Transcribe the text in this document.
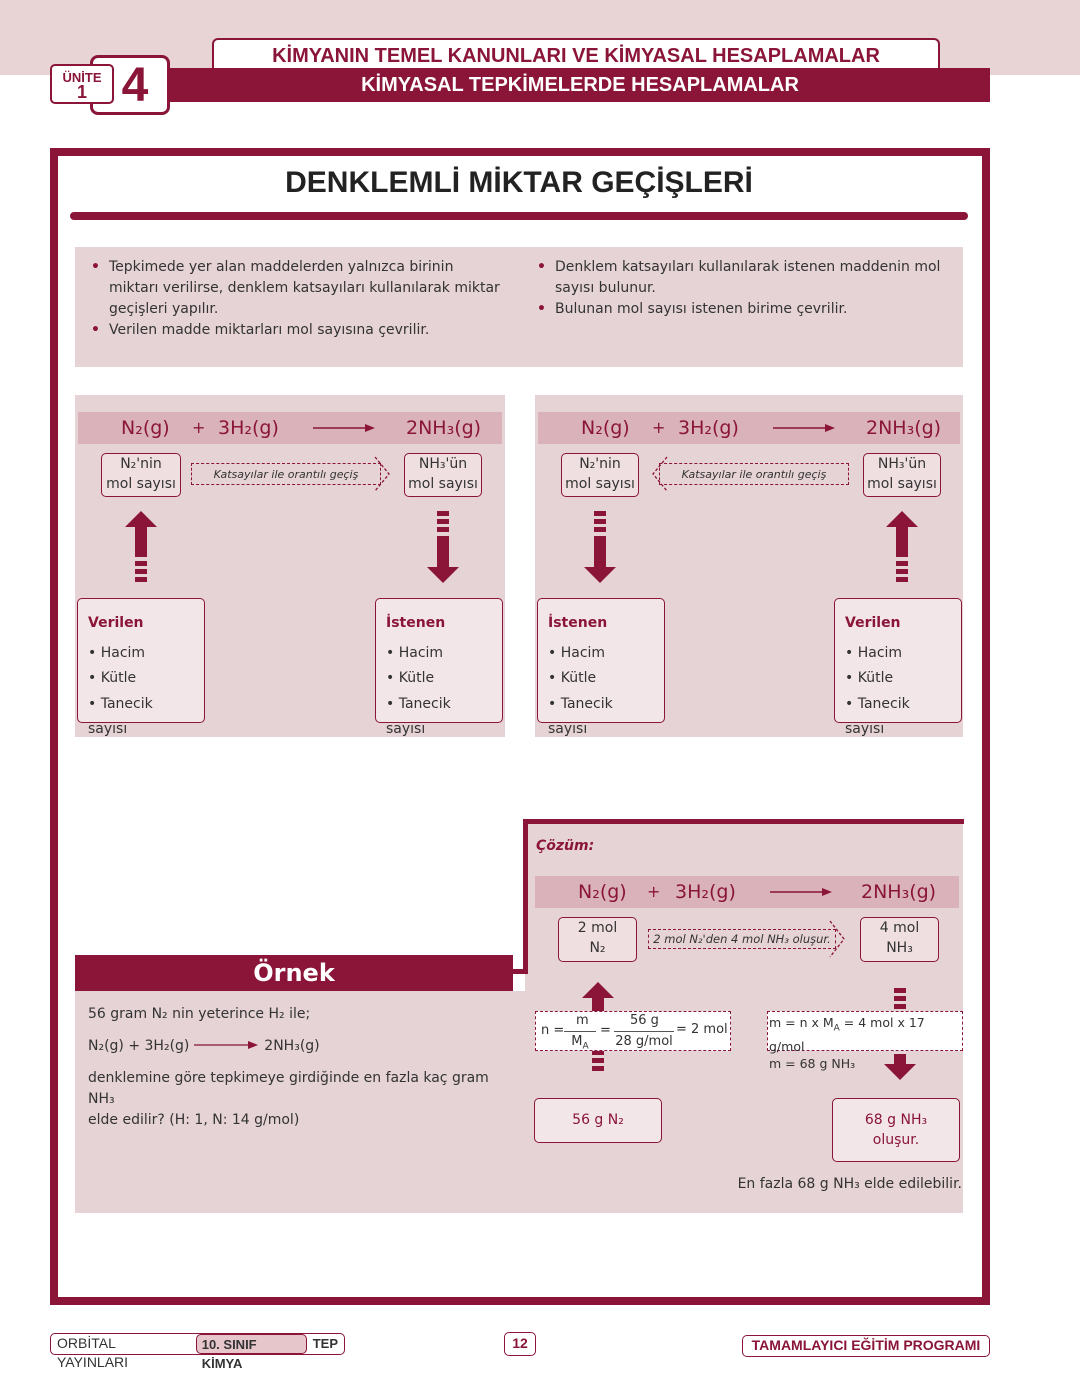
KİMYANIN TEMEL KANUNLARI VE KİMYASAL HESAPLAMALAR
KİMYASAL TEPKİMELERDE HESAPLAMALAR
4
ÜNİTE
1
DENKLEMLİ MİKTAR GEÇİŞLERİ
• Tepkimede yer alan maddelerden yalnızca birinin miktarı verilirse, denklem katsayıları kullanılarak miktar geçişleri yapılır.
• Verilen madde miktarları mol sayısına çevrilir.
• Denklem katsayıları kullanılarak istenen maddenin mol sayısı bulunur.
• Bulunan mol sayısı istenen birime çevrilir.
N₂(g) + 3H₂(g)	2NH₃(g)
N₂'nin
mol sayısı
Katsayılar ile orantılı geçiş
NH₃'ün
mol sayısı
Verilen
• Hacim
• Kütle
• Tanecik sayısı
İstenen
• Hacim
• Kütle
• Tanecik sayısı
N₂(g) + 3H₂(g)	2NH₃(g)
N₂'nin
mol sayısı
Katsayılar ile orantılı geçiş
NH₃'ün
mol sayısı
İstenen
• Hacim
• Kütle
• Tanecik sayısı
Verilen
• Hacim
• Kütle
• Tanecik sayısı
Örnek
56 gram N₂ nin yeterince H₂ ile;
N₂(g) + 3H₂(g)	2NH₃(g)
denklemine göre tepkimeye girdiğinde en fazla kaç gram NH₃
elde edilir? (H: 1, N: 14 g/mol)
Çözüm:
N₂(g) + 3H₂(g) → 2NH₃(g)
2 mol
N₂
2 mol N₂'den 4 mol NH₃ oluşur.
4 mol
NH₃
n =
m
$M_A$
=
56 g
28 g/mol
= 2 mol	m = n x $M_A = 4$ mol x 17 g/mol
m = 68 g NH₃
56 g N₂	68 g NH₃
oluşur.
En fazla 68 g NH₃ elde edilebilir.
ORBİTAL YAYINLARI
10. SINIF KİMYA
TEP	12	TAMAMLAYICI EĞİTİM PROGRAMI
